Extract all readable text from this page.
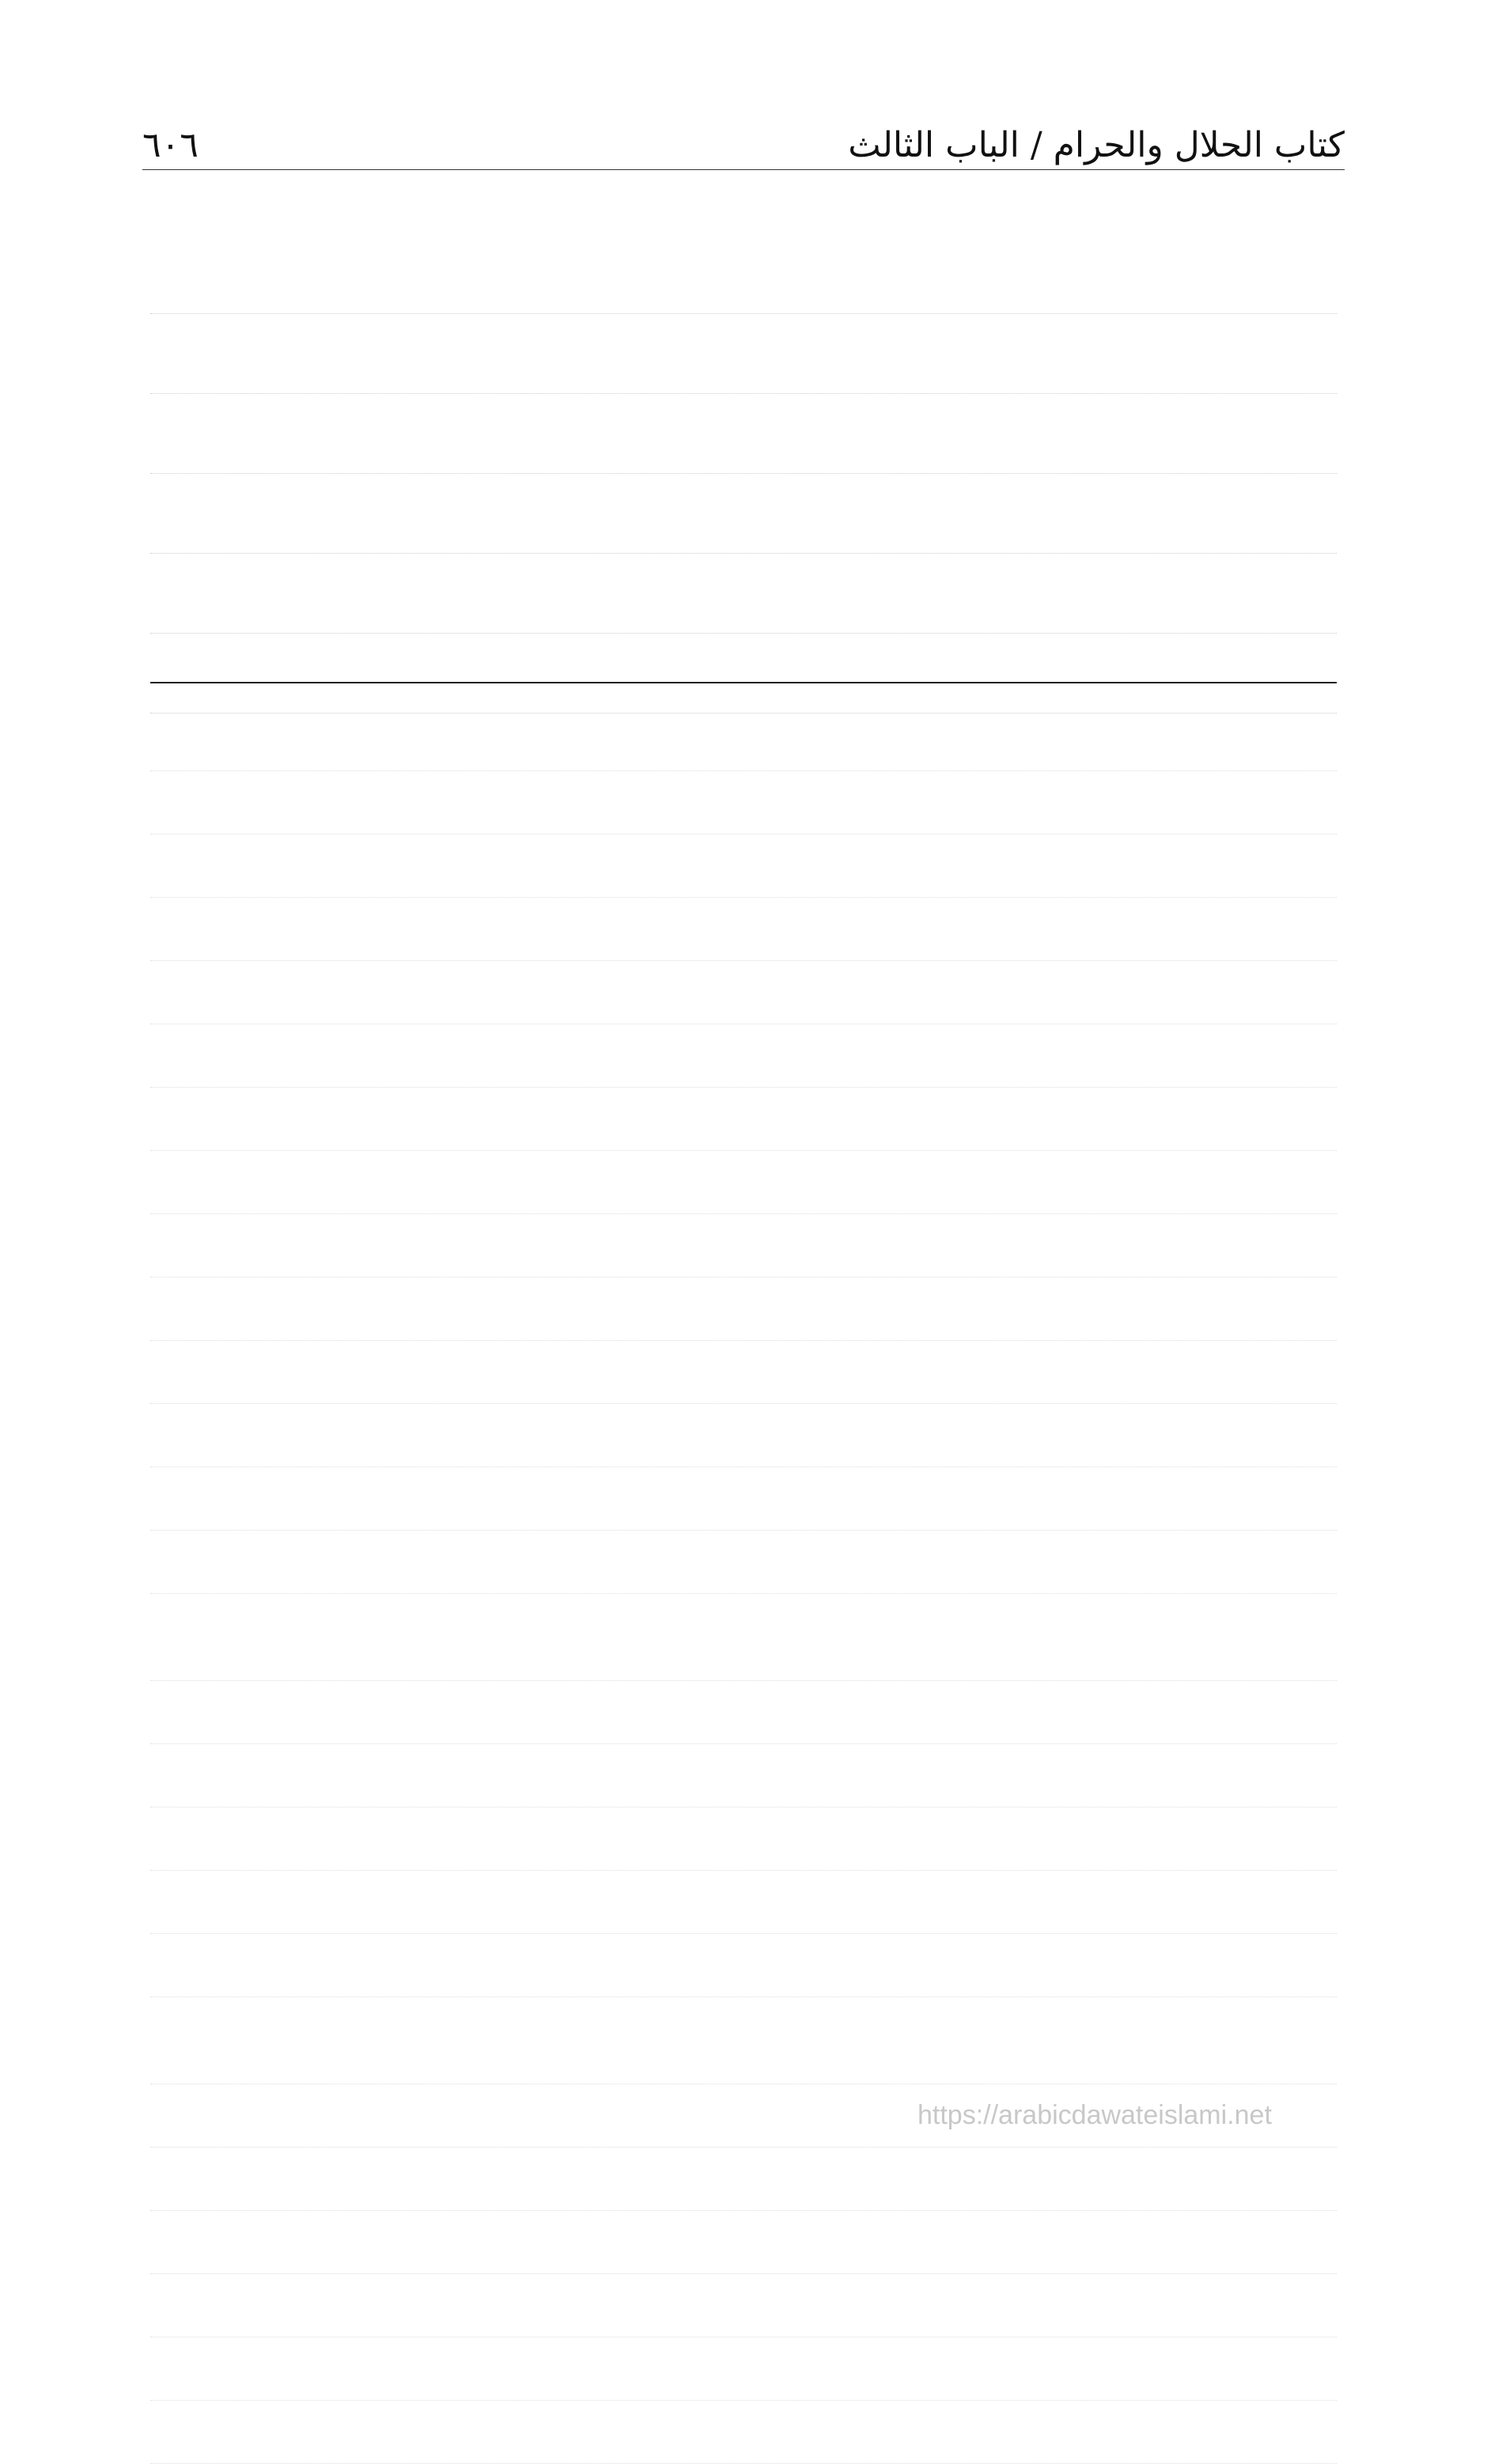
٦٠٦	كتاب الحلال والحرام / الباب الثالث
https://arabicdawateislami.net
